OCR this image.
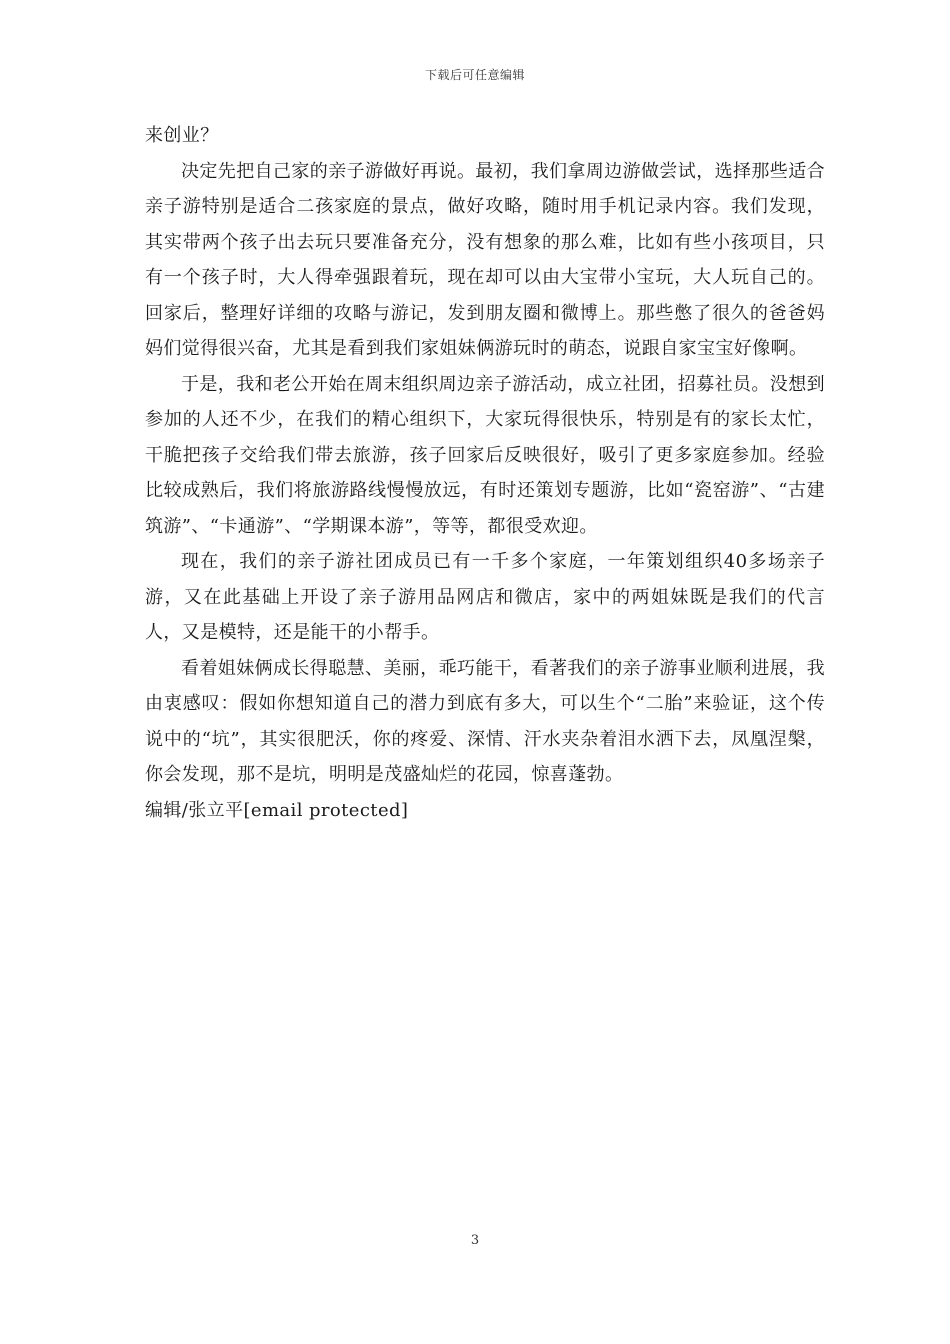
下载后可任意编辑

来创业？

决定先把自己家的亲子游做好再说。最初，我们拿周边游做尝试，选择那些适合亲子游特别是适合二孩家庭的景点，做好攻略，随时用手机记录内容。我们发现，其实带两个孩子出去玩只要准备充分，没有想象的那么难，比如有些小孩项目，只有一个孩子时，大人得牵强跟着玩，现在却可以由大宝带小宝玩，大人玩自己的。回家后，整理好详细的攻略与游记，发到朋友圈和微博上。那些憋了很久的爸爸妈妈们觉得很兴奋，尤其是看到我们家姐妹俩游玩时的萌态，说跟自家宝宝好像啊。

于是，我和老公开始在周末组织周边亲子游活动，成立社团，招募社员。没想到参加的人还不少，在我们的精心组织下，大家玩得很快乐，特别是有的家长太忙，干脆把孩子交给我们带去旅游，孩子回家后反映很好，吸引了更多家庭参加。经验比较成熟后，我们将旅游路线慢慢放远，有时还策划专题游，比如“瓷窑游”、“古建筑游”、“卡通游”、“学期课本游”，等等，都很受欢迎。

现在，我们的亲子游社团成员已有一千多个家庭，一年策划组织40多场亲子游，又在此基础上开设了亲子游用品网店和微店，家中的两姐妹既是我们的代言人，又是模特，还是能干的小帮手。

看着姐妹俩成长得聪慧、美丽，乖巧能干，看著我们的亲子游事业顺利进展，我由衷感叹：假如你想知道自己的潜力到底有多大，可以生个“二胎”来验证，这个传说中的“坑”，其实很肥沃，你的疼爱、深情、汗水夹杂着泪水洒下去，凤凰涅槃，你会发现，那不是坑，明明是茂盛灿烂的花园，惊喜蓬勃。

编辑/张立平[email protected]

3
